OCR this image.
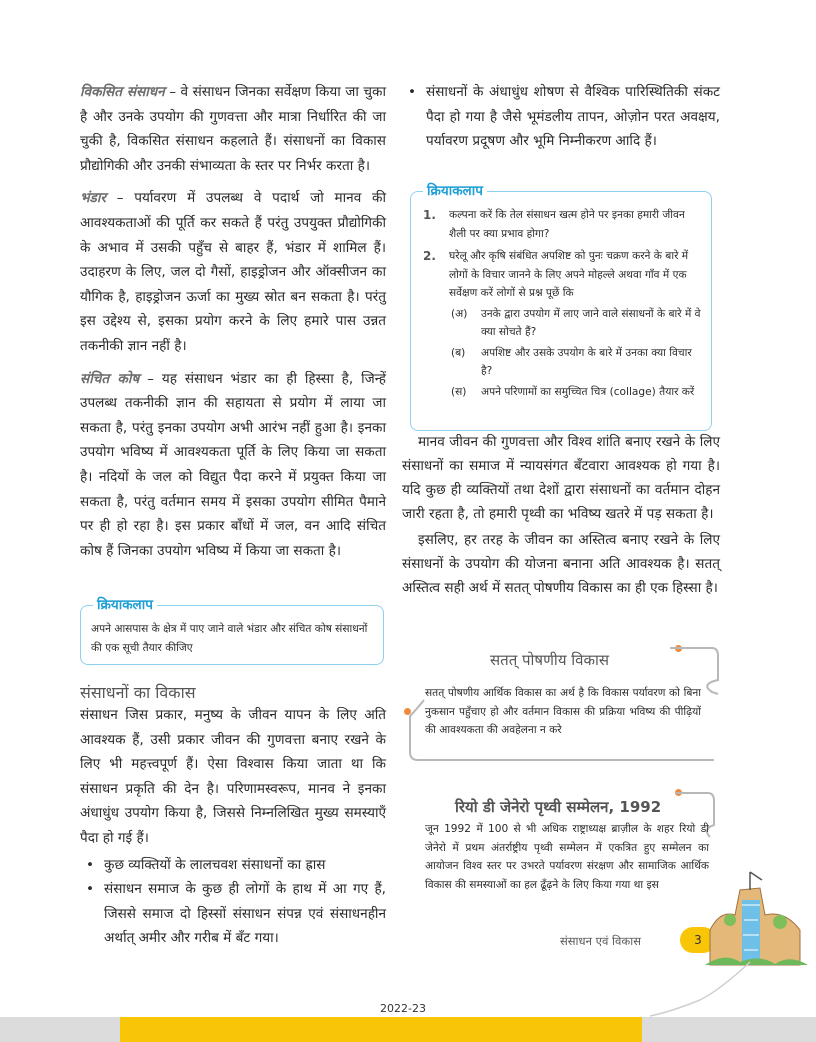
विकसित संसाधन – वे संसाधन जिनका सर्वेक्षण किया जा चुका है और उनके उपयोग की गुणवत्ता और मात्रा निर्धारित की जा चुकी है, विकसित संसाधन कहलाते हैं। संसाधनों का विकास प्रौद्योगिकी और उनकी संभाव्यता के स्तर पर निर्भर करता है।

भंडार – पर्यावरण में उपलब्ध वे पदार्थ जो मानव की आवश्यकताओं की पूर्ति कर सकते हैं परंतु उपयुक्त प्रौद्योगिकी के अभाव में उसकी पहुँच से बाहर हैं, भंडार में शामिल हैं। उदाहरण के लिए, जल दो गैसों, हाइड्रोजन और ऑक्सीजन का यौगिक है, हाइड्रोजन ऊर्जा का मुख्य स्रोत बन सकता है। परंतु इस उद्देश्य से, इसका प्रयोग करने के लिए हमारे पास उन्नत तकनीकी ज्ञान नहीं है।

संचित कोष – यह संसाधन भंडार का ही हिस्सा है, जिन्हें उपलब्ध तकनीकी ज्ञान की सहायता से प्रयोग में लाया जा सकता है, परंतु इनका उपयोग अभी आरंभ नहीं हुआ है। इनका उपयोग भविष्य में आवश्यकता पूर्ति के लिए किया जा सकता है। नदियों के जल को विद्युत पैदा करने में प्रयुक्त किया जा सकता है, परंतु वर्तमान समय में इसका उपयोग सीमित पैमाने पर ही हो रहा है। इस प्रकार बाँधों में जल, वन आदि संचित कोष हैं जिनका उपयोग भविष्य में किया जा सकता है।

क्रियाकलाप
अपने आसपास के क्षेत्र में पाए जाने वाले भंडार और संचित कोष संसाधनों की एक सूची तैयार कीजिए
संसाधनों का विकास

संसाधन जिस प्रकार, मनुष्य के जीवन यापन के लिए अति आवश्यक हैं, उसी प्रकार जीवन की गुणवत्ता बनाए रखने के लिए भी महत्त्वपूर्ण हैं। ऐसा विश्वास किया जाता था कि संसाधन प्रकृति की देन है। परिणामस्वरूप, मानव ने इनका अंधाधुंध उपयोग किया है, जिससे निम्नलिखित मुख्य समस्याएँ पैदा हो गई हैं।

• कुछ व्यक्तियों के लालचवश संसाधनों का ह्रास

• संसाधन समाज के कुछ ही लोगों के हाथ में आ गए हैं, जिससे समाज दो हिस्सों संसाधन संपन्न एवं संसाधनहीन अर्थात् अमीर और गरीब में बँट गया।

• संसाधनों के अंधाधुंध शोषण से वैश्विक पारिस्थितिकी संकट पैदा हो गया है जैसे भूमंडलीय तापन, ओज़ोन परत अवक्षय, पर्यावरण प्रदूषण और भूमि निम्नीकरण आदि हैं।

क्रियाकलाप
1. कल्पना करें कि तेल संसाधन खत्म होने पर इनका हमारी जीवन शैली पर क्या प्रभाव होगा?
2. घरेलू और कृषि संबंधित अपशिष्ट को पुनः चक्रण करने के बारे में लोगों के विचार जानने के लिए अपने मोहल्ले अथवा गाँव में एक सर्वेक्षण करें लोगों से प्रश्न पूछें कि
(अ) उनके द्वारा उपयोग में लाए जाने वाले संसाधनों के बारे में वे क्या सोचते हैं?
(ब) अपशिष्ट और उसके उपयोग के बारे में उनका क्या विचार है?
(स) अपने परिणामों का समुच्चित चित्र (collage) तैयार करें

मानव जीवन की गुणवत्ता और विश्व शांति बनाए रखने के लिए संसाधनों का समाज में न्यायसंगत बँटवारा आवश्यक हो गया है। यदि कुछ ही व्यक्तियों तथा देशों द्वारा संसाधनों का वर्तमान दोहन जारी रहता है, तो हमारी पृथ्वी का भविष्य खतरे में पड़ सकता है।

इसलिए, हर तरह के जीवन का अस्तित्व बनाए रखने के लिए संसाधनों के उपयोग की योजना बनाना अति आवश्यक है। सतत् अस्तित्व सही अर्थ में सतत् पोषणीय विकास का ही एक हिस्सा है।

सतत् पोषणीय विकास
सतत् पोषणीय आर्थिक विकास का अर्थ है कि विकास पर्यावरण को बिना नुकसान पहुँचाए हो और वर्तमान विकास की प्रक्रिया भविष्य की पीढ़ियों की आवश्यकता की अवहेलना न करे
रियो डी जेनेरो पृथ्वी सम्मेलन, 1992
जून 1992 में 100 से भी अधिक राष्ट्राध्यक्ष ब्राज़ील के शहर रियो डी जेनेरो में प्रथम अंतर्राष्ट्रीय पृथ्वी सम्मेलन में एकत्रित हुए सम्मेलन का आयोजन विश्व स्तर पर उभरते पर्यावरण संरक्षण और सामाजिक आर्थिक विकास की समस्याओं का हल ढूँढ़ने के लिए किया गया था इस
संसाधन एवं विकास	3
2022-23
